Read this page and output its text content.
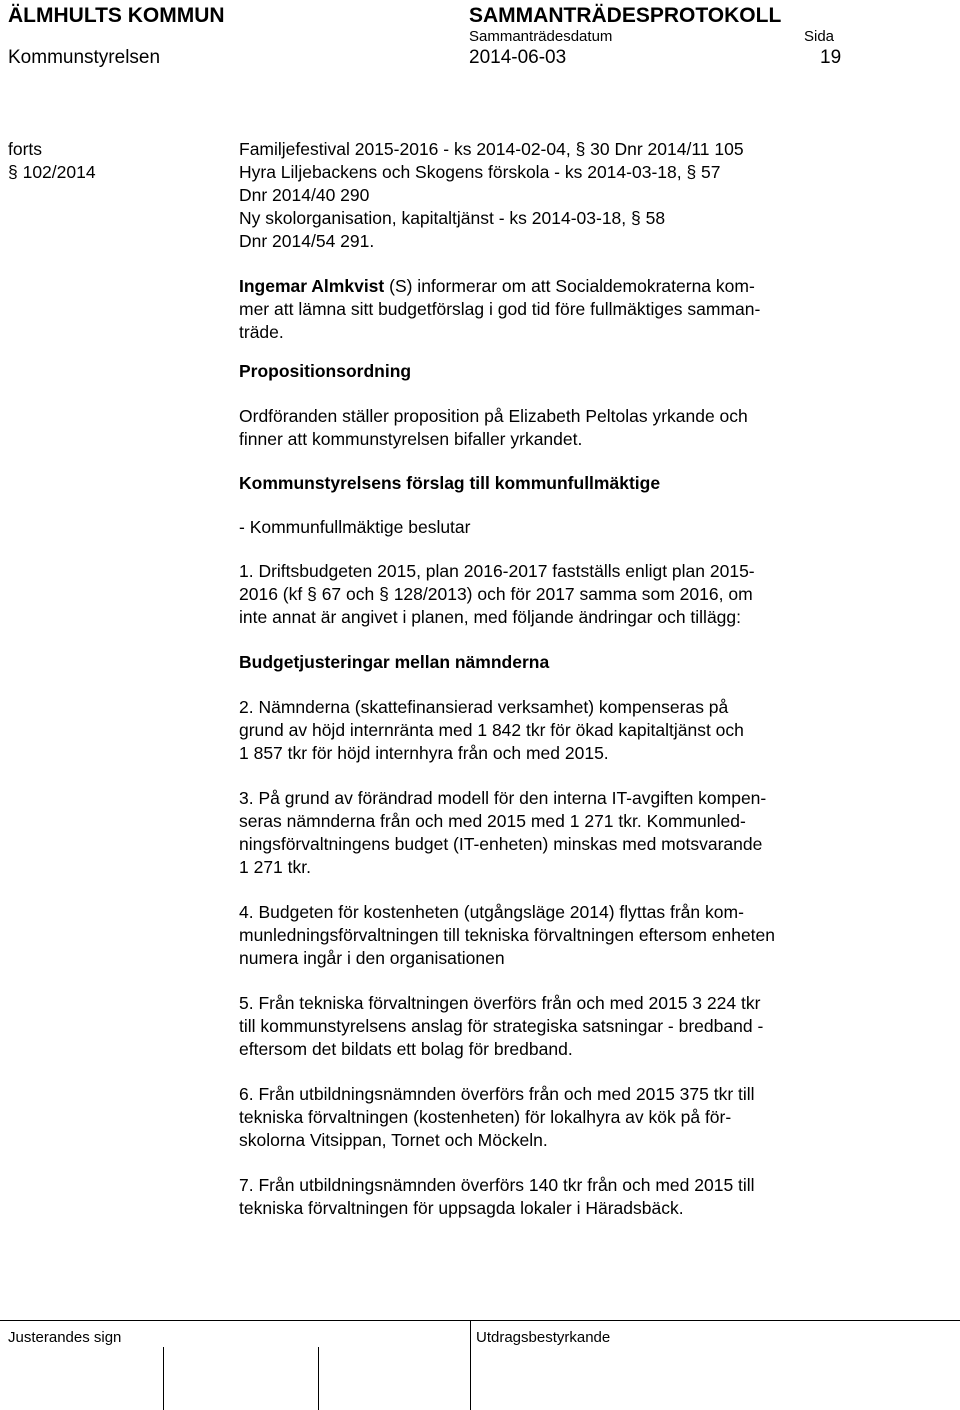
ÄLMHULTS KOMMUN	SAMMANTRÄDESPROTOKOLL
Sammanträdesdatum	Sida
Kommunstyrelsen	2014-06-03	19
forts
§ 102/2014
Familjefestival 2015-2016 - ks 2014-02-04, § 30 Dnr 2014/11 105
Hyra Liljebackens och Skogens förskola - ks 2014-03-18, § 57
Dnr 2014/40 290
Ny skolorganisation, kapitaltjänst - ks 2014-03-18, § 58
Dnr 2014/54 291.
Ingemar Almkvist (S) informerar om att Socialdemokraterna kom-
mer att lämna sitt budgetförslag i god tid före fullmäktiges samman-
träde.
Propositionsordning
Ordföranden ställer proposition på Elizabeth Peltolas yrkande och
finner att kommunstyrelsen bifaller yrkandet.
Kommunstyrelsens förslag till kommunfullmäktige
- Kommunfullmäktige beslutar
1. Driftsbudgeten 2015, plan 2016-2017 fastställs enligt plan 2015-
2016 (kf § 67 och § 128/2013) och för 2017 samma som 2016, om
inte annat är angivet i planen, med följande ändringar och tillägg:
Budgetjusteringar mellan nämnderna
2. Nämnderna (skattefinansierad verksamhet) kompenseras på
grund av höjd internränta med 1 842 tkr för ökad kapitaltjänst och
1 857 tkr för höjd internhyra från och med 2015.
3. På grund av förändrad modell för den interna IT-avgiften kompen-
seras nämnderna från och med 2015 med 1 271 tkr. Kommunled-
ningsförvaltningens budget (IT-enheten) minskas med motsvarande
1 271 tkr.
4. Budgeten för kostenheten (utgångsläge 2014) flyttas från kom-
munledningsförvaltningen till tekniska förvaltningen eftersom enheten
numera ingår i den organisationen
5. Från tekniska förvaltningen överförs från och med 2015 3 224 tkr
till kommunstyrelsens anslag för strategiska satsningar - bredband -
eftersom det bildats ett bolag för bredband.
6. Från utbildningsnämnden överförs från och med 2015 375 tkr till
tekniska förvaltningen (kostenheten) för lokalhyra av kök på för-
skolorna Vitsippan, Tornet och Möckeln.
7. Från utbildningsnämnden överförs 140 tkr från och med 2015 till
tekniska förvaltningen för uppsagda lokaler i Häradsbäck.
Justerandes sign	Utdragsbestyrkande
